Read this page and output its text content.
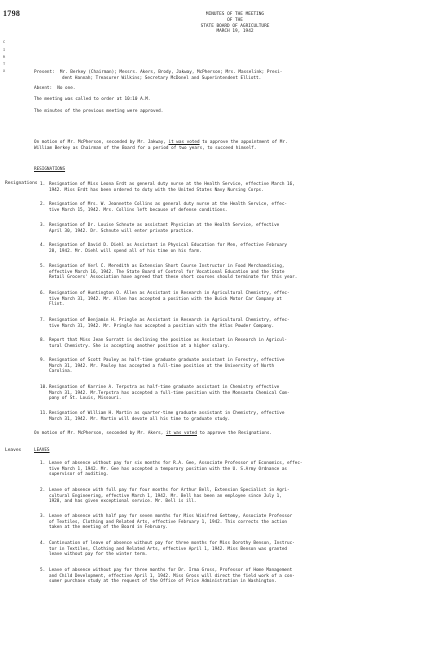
1798
C
I
R
T
X
MINUTES OF THE MEETING
OF THE
STATE BOARD OF AGRICULTURE
MARCH 19, 1942
Present: Mr. Berkey (Chairman); Messrs. Akers, Brody, Jakway, McPherson; Mrs. Masselink; Presi-
dent Hannah; Treasurer Wilkins; Secretary McDonel and Superintendent Elliott.
Absent: No one.
The meeting was called to order at 10:10 A.M.
The minutes of the previous meeting were approved.
On motion of Mr. McPherson, seconded by Mr. Jakway, it was voted to approve the appointment of Mr.
William Berkey as Chairman of the Board for a period of two years, to succeed himself.
RESIGNATIONS
Resignations 1. Resignation of Miss Leona Erdt as general duty nurse at the Health Service, effective March 16,

1942. Miss Erdt has been ordered to duty with the United States Navy Nursing Corps.

2. Resignation of Mrs. W. Jeannette Collins as general duty nurse at the Health Service, effec-

tive March 15, 1942. Mrs. Collins left because of defense conditions.

3. Resignation of Dr. Louise Schnute as assistant Physician at the Health Service, effective

April 30, 1942. Dr. Schnute will enter private practice.

4. Resignation of David D. Diehl as Assistant in Physical Education for Men, effective February

28, 1942. Mr. Diehl will spend all of his time on his farm.

5. Resignation of Verl C. Meredith as Extension Short Course Instructor in Food Merchandising,

effective March 16, 1942. The State Board of Control for Vocational Education and the State

Retail Grocers' Association have agreed that these short courses should terminate for this year.

6. Resignation of Huntington O. Allen as Assistant in Research in Agricultural Chemistry, effec-

tive March 31, 1942. Mr. Allen has accepted a position with the Buick Motor Car Company at

Flint.

7. Resignation of Benjamin H. Pringle as Assistant in Research in Agricultural Chemistry, effec-

tive March 31, 1942. Mr. Pringle has accepted a position with the Atlas Powder Company.

8. Report that Miss Jean Surratt is declining the position as Assistant in Research in Agricul-

tural Chemistry. She is accepting another position at a higher salary.

9. Resignation of Scott Pauley as half-time graduate graduate assistant in Forestry, effective

March 31, 1942. Mr. Pauley has accepted a full-time position at the University of North

Carolina.

10. Resignation of Karrine A. Terpstra as half-time graduate assistant in Chemistry effective

March 31, 1942. Mr.Terpstra has accepted a full-time position with the Monsanto Chemical Com-

pany of St. Louis, Missouri.

11. Resignation of William H. Martin as quarter-time graduate assistant in Chemistry, effective

March 31, 1942. Mr. Martin will devote all his time to graduate study.

On motion of Mr. McPherson, seconded by Mr. Akers, it was voted to approve the Resignations.
Leaves	LEAVES
1. Leave of absence without pay for six months for R.A. Gee, Associate Professor of Economics, effec-

tive March 1, 1942. Mr. Gee has accepted a temporary position with the U. S.Army Ordnance as

supervisor of auditing.

2. Leave of absence with full pay for four months for Arthur Bell, Extension Specialist in Agri-

cultural Engineering, effective March 1, 1942. Mr. Bell has been an employee since July 1,

1928, and has given exceptional service. Mr. Bell is ill.

3. Leave of absence with half pay for seven months for Miss Winifred Gettemy, Associate Professor

of Textiles, Clothing and Related Arts, effective February 1, 1942. This corrects the action

taken at the meeting of the Board in February.

4. Continuation of leave of absence without pay for three months for Miss Dorothy Benson, Instruc-

tor in Textiles, Clothing and Related Arts, effective April 1, 1942. Miss Benson was granted

leave without pay for the winter term.

5. Leave of absence without pay for three months for Dr. Irma Gross, Professor of Home Management

and Child Development, effective April 1, 1942. Miss Gross will direct the field work of a con-

sumer purchase study at the request of the Office of Price Administration in Washington.
